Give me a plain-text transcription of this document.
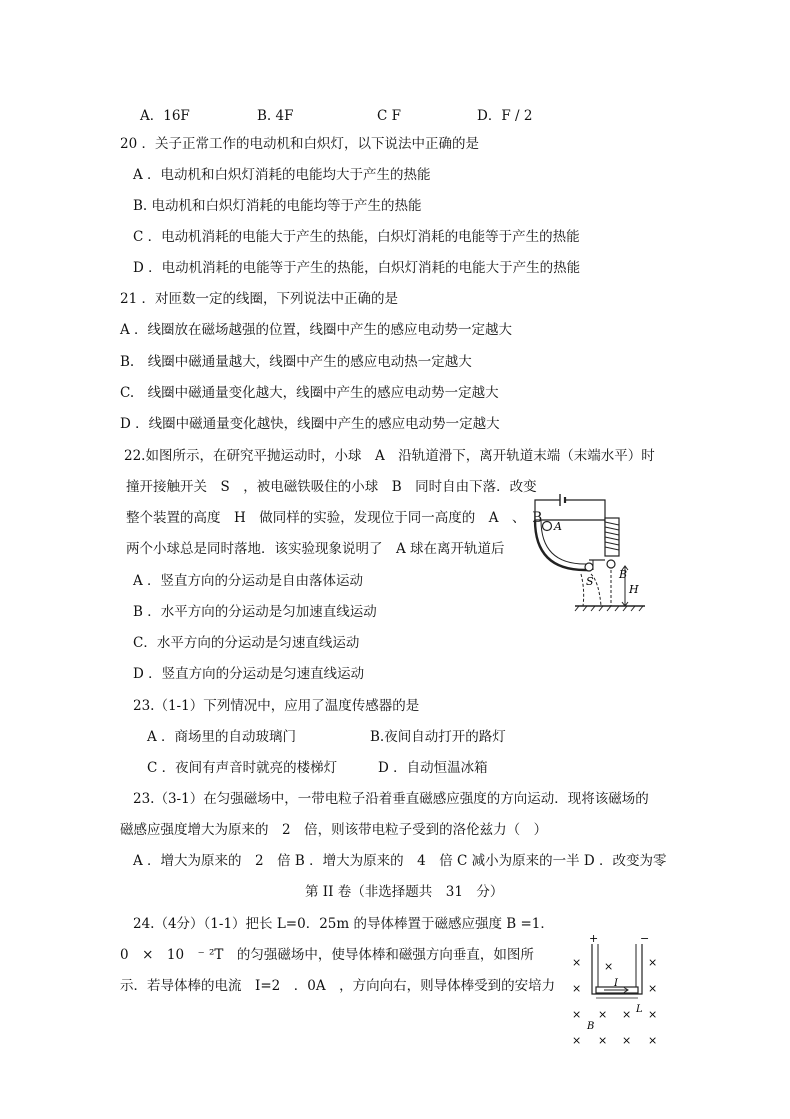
A．16F	B. 4F	C F	D．F / 2
20 ．关子正常工作的电动机和白炽灯，以下说法中正确的是
A ．电动机和白炽灯消耗的电能均大于产生的热能
B. 电动机和白炽灯消耗的电能均等于产生的热能
C ．电动机消耗的电能大于产生的热能，白炽灯消耗的电能等于产生的热能
D ．电动机消耗的电能等于产生的热能，白炽灯消耗的电能大于产生的热能
21 ．对匝数一定的线圈，下列说法中正确的是
A ．线圈放在磁场越强的位置，线圈中产生的感应电动势一定越大
B.　线圈中磁通量越大，线圈中产生的感应电动热一定越大
C.　线圈中磁通量变化越大，线圈中产生的感应电动势一定越大
D ．线圈中磁通量变化越快，线圈中产生的感应电动势一定越大
22.如图所示，在研究平抛运动时，小球　A　沿轨道滑下，离开轨道末端（末端水平）时
撞开接触开关　S　，被电磁铁吸住的小球　B　同时自由下落．改变
整个装置的高度　H　做同样的实验，发现位于同一高度的　A　、　B
两个小球总是同时落地．该实验现象说明了　A 球在离开轨道后
A ．竖直方向的分运动是自由落体运动
B ．水平方向的分运动是匀加速直线运动
C．水平方向的分运动是匀速直线运动
D ．竖直方向的分运动是匀速直线运动
A
S
B
H
23.（1-1）下列情况中，应用了温度传感器的是
A ．商场里的自动玻璃门	B.夜间自动打开的路灯
C ．夜间有声音时就亮的楼梯灯	D ．自动恒温冰箱
23.（3-1）在匀强磁场中，一带电粒子沿着垂直磁感应强度的方向运动．现将该磁场的
磁感应强度增大为原来的　2　倍，则该带电粒子受到的洛伦兹力（　）
A ．增大为原来的　2　倍 B ．增大为原来的　4　倍 C 减小为原来的一半 D ．改变为零
第 II 卷（非选择题共　31　分）
24.（4分）（1-1）把长 L=0．25m 的导体棒置于磁感应强度 B =1．
0　×　10　⁻ ²T　的匀强磁场中，使导体棒和磁强方向垂直，如图所
示．若导体棒的电流　I=2　．0A　，方向向右，则导体棒受到的安培力
+	−
I
L
×	×
×	×
×
× × × ×
B
× × × ×
